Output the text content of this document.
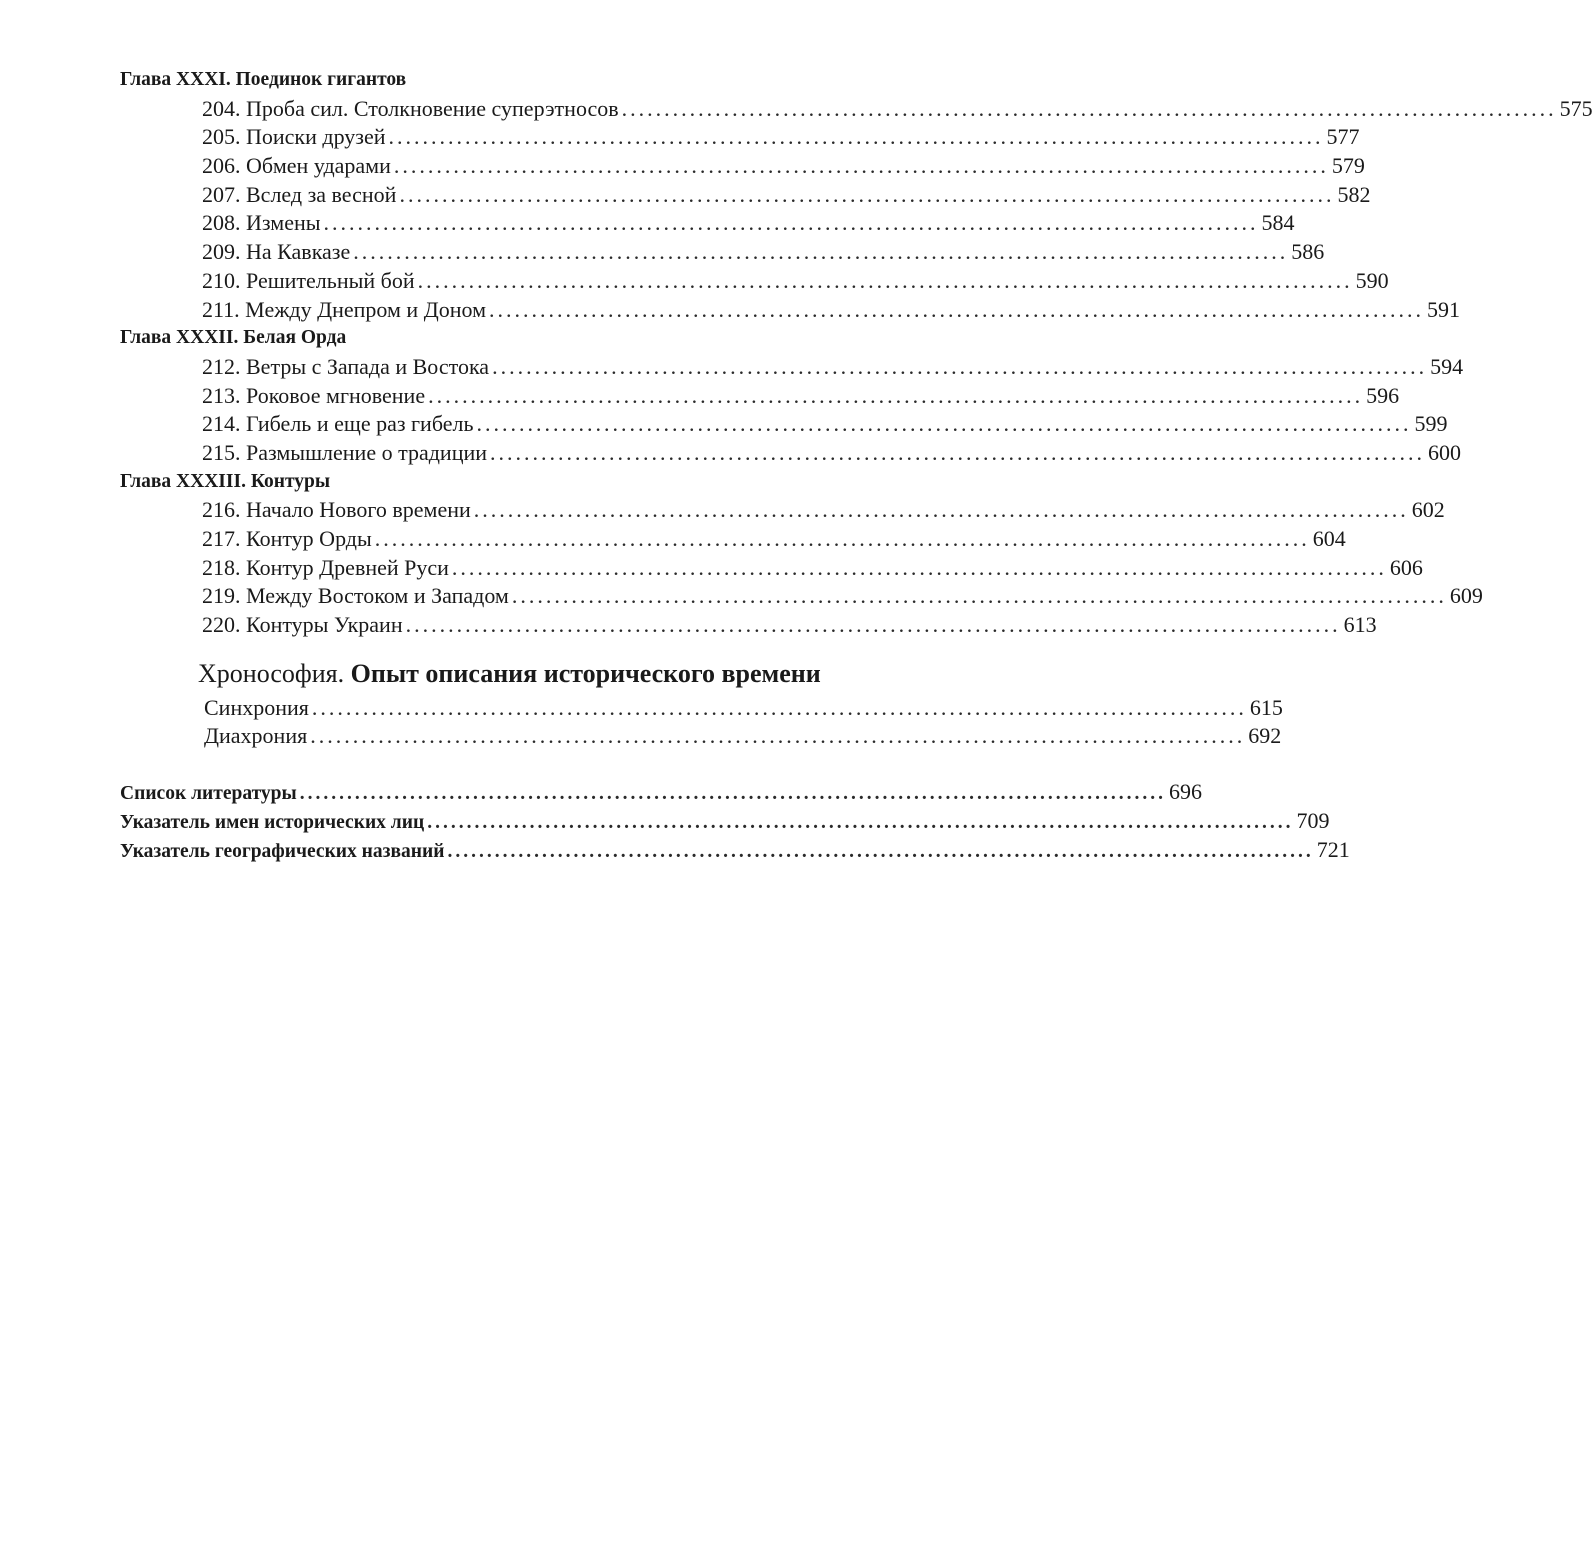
Глава XXXI. Поединок гигантов
204. Проба сил. Столкновение суперэтносов .............................................................................................................. 575
205. Поиски друзей .............................................................................................................. 577
206. Обмен ударами .............................................................................................................. 579
207. Вслед за весной .............................................................................................................. 582
208. Измены .............................................................................................................. 584
209. На Кавказе .............................................................................................................. 586
210. Решительный бой .............................................................................................................. 590
211. Между Днепром и Доном .............................................................................................................. 591
Глава XXXII. Белая Орда
212. Ветры с Запада и Востока .............................................................................................................. 594
213. Роковое мгновение .............................................................................................................. 596
214. Гибель и еще раз гибель .............................................................................................................. 599
215. Размышление о традиции .............................................................................................................. 600
Глава XXXIII. Контуры
216. Начало Нового времени .............................................................................................................. 602
217. Контур Орды .............................................................................................................. 604
218. Контур Древней Руси .............................................................................................................. 606
219. Между Востоком и Западом .............................................................................................................. 609
220. Контуры Украин .............................................................................................................. 613
Хронософия. Опыт описания исторического времени
Синхрония .............................................................................................................. 615
Диахрония .............................................................................................................. 692
Список литературы .............................................................................................................. 696
Указатель имен исторических лиц .............................................................................................................. 709
Указатель географических названий .............................................................................................................. 721
